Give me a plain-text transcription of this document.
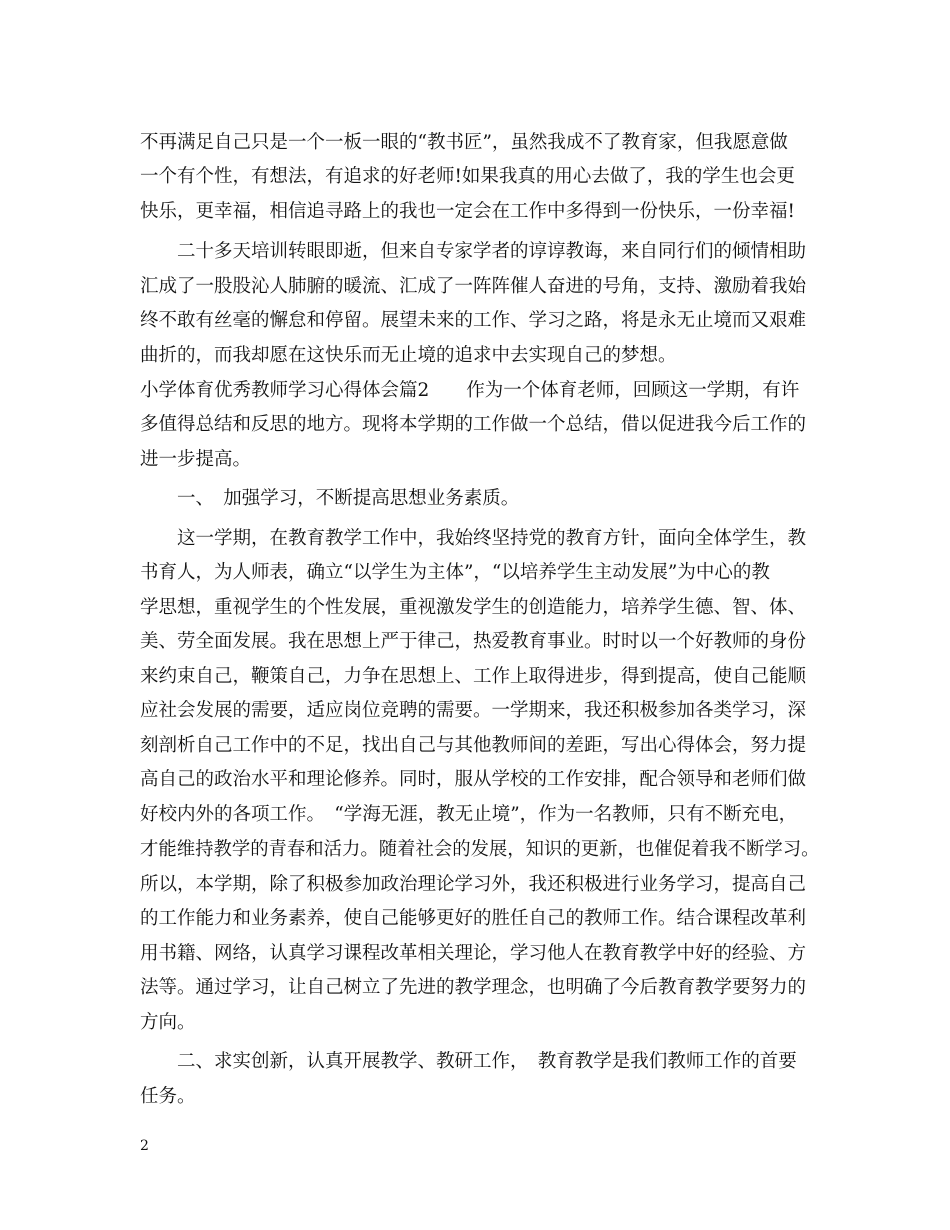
不再满足自己只是一个一板一眼的“教书匠”，虽然我成不了教育家，但我愿意做
一个有个性，有想法，有追求的好老师!如果我真的用心去做了，我的学生也会更
快乐，更幸福，相信追寻路上的我也一定会在工作中多得到一份快乐，一份幸福!
　　二十多天培训转眼即逝，但来自专家学者的谆谆教诲，来自同行们的倾情相助
汇成了一股股沁人肺腑的暖流、汇成了一阵阵催人奋进的号角，支持、激励着我始
终不敢有丝毫的懈怠和停留。展望未来的工作、学习之路，将是永无止境而又艰难
曲折的，而我却愿在这快乐而无止境的追求中去实现自己的梦想。
小学体育优秀教师学习心得体会篇2　　作为一个体育老师，回顾这一学期，有许
多值得总结和反思的地方。现将本学期的工作做一个总结，借以促进我今后工作的
进一步提高。
　　一、　加强学习，不断提高思想业务素质。
　　这一学期，在教育教学工作中，我始终坚持党的教育方针，面向全体学生，教
书育人，为人师表，确立“以学生为主体”，“以培养学生主动发展”为中心的教
学思想，重视学生的个性发展，重视激发学生的创造能力，培养学生德、智、体、
美、劳全面发展。我在思想上严于律己，热爱教育事业。时时以一个好教师的身份
来约束自己，鞭策自己，力争在思想上、工作上取得进步，得到提高，使自己能顺
应社会发展的需要，适应岗位竞聘的需要。一学期来，我还积极参加各类学习，深
刻剖析自己工作中的不足，找出自己与其他教师间的差距，写出心得体会，努力提
高自己的政治水平和理论修养。同时，服从学校的工作安排，配合领导和老师们做
好校内外的各项工作。　“学海无涯，教无止境”，作为一名教师，只有不断充电，
才能维持教学的青春和活力。随着社会的发展，知识的更新，也催促着我不断学习。
所以，本学期，除了积极参加政治理论学习外，我还积极进行业务学习，提高自己
的工作能力和业务素养，使自己能够更好的胜任自己的教师工作。结合课程改革利
用书籍、网络，认真学习课程改革相关理论，学习他人在教育教学中好的经验、方
法等。通过学习，让自己树立了先进的教学理念，也明确了今后教育教学要努力的
方向。
　　二、求实创新，认真开展教学、教研工作，　教育教学是我们教师工作的首要
任务。
2
